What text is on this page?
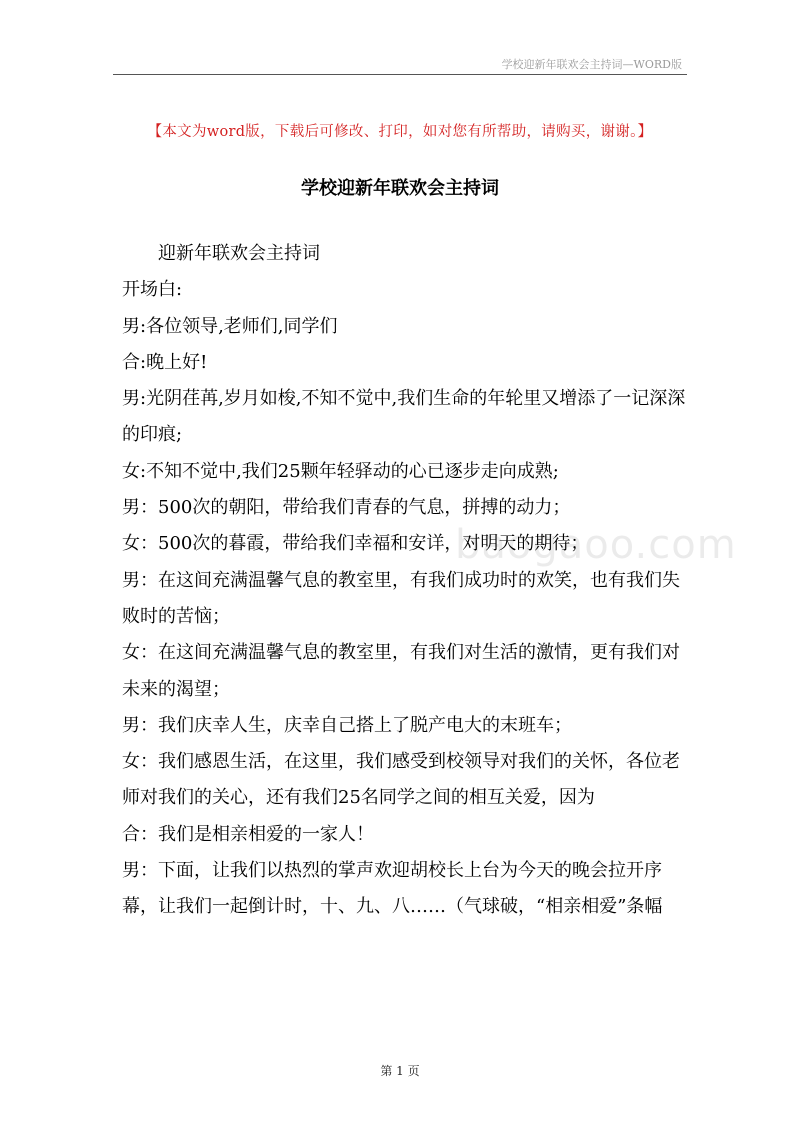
学校迎新年联欢会主持词—WORD版
【本文为word版，下载后可修改、打印，如对您有所帮助，请购买，谢谢。】
学校迎新年联欢会主持词

迎新年联欢会主持词

开场白:

男:各位领导,老师们,同学们

合:晚上好!

男:光阴荏苒,岁月如梭,不知不觉中,我们生命的年轮里又增添了一记深深的印痕;

女:不知不觉中,我们25颗年轻驿动的心已逐步走向成熟;

男：500次的朝阳，带给我们青春的气息，拼搏的动力；

女：500次的暮霞，带给我们幸福和安详，对明天的期待；

男：在这间充满温馨气息的教室里，有我们成功时的欢笑，也有我们失败时的苦恼；

女：在这间充满温馨气息的教室里，有我们对生活的激情，更有我们对未来的渴望；

男：我们庆幸人生，庆幸自己搭上了脱产电大的末班车；

女：我们感恩生活，在这里，我们感受到校领导对我们的关怀，各位老师对我们的关心，还有我们25名同学之间的相互关爱，因为

合：我们是相亲相爱的一家人！

男：下面，让我们以热烈的掌声欢迎胡校长上台为今天的晚会拉开序幕，让我们一起倒计时，十、九、八……（气球破，“相亲相爱”条幅

baogaoo.com
第 1 页
